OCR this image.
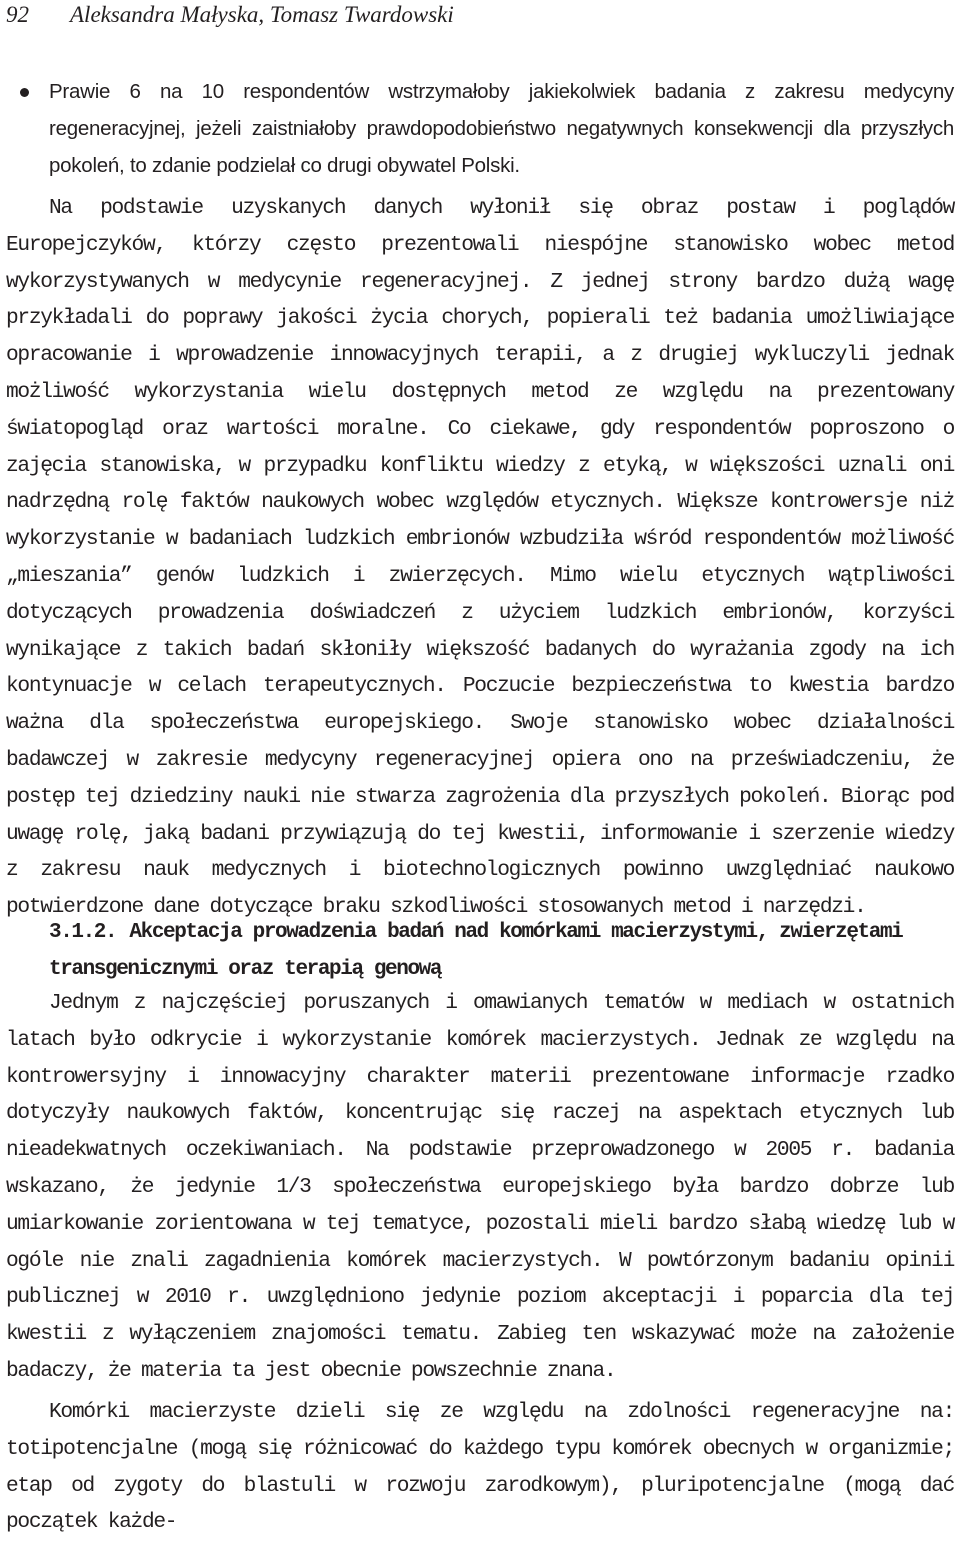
92 Aleksandra Małyska, Tomasz Twardowski
Prawie 6 na 10 respondentów wstrzymałoby jakiekolwiek badania z zakresu medycyny regeneracyjnej, jeżeli zaistniałoby prawdopodobieństwo negatywnych konsekwencji dla przyszłych pokoleń, to zdanie podzielał co drugi obywatel Polski.

Na podstawie uzyskanych danych wyłonił się obraz postaw i poglądów Europejczyków, którzy często prezentowali niespójne stanowisko wobec metod wykorzystywanych w medycynie regeneracyjnej. Z jednej strony bardzo dużą wagę przykładali do poprawy jakości życia chorych, popierali też badania umożliwiające opracowanie i wprowadzenie innowacyjnych terapii, a z drugiej wykluczyli jednak możliwość wykorzystania wielu dostępnych metod ze względu na prezentowany światopogląd oraz wartości moralne. Co ciekawe, gdy respondentów poproszono o zajęcia stanowiska, w przypadku konfliktu wiedzy z etyką, w większości uznali oni nadrzędną rolę faktów naukowych wobec względów etycznych. Większe kontrowersje niż wykorzystanie w badaniach ludzkich embrionów wzbudziła wśród respondentów możliwość „mieszania” genów ludzkich i zwierzęcych. Mimo wielu etycznych wątpliwości dotyczących prowadzenia doświadczeń z użyciem ludzkich embrionów, korzyści wynikające z takich badań skłoniły większość badanych do wyrażania zgody na ich kontynuacje w celach terapeutycznych. Poczucie bezpieczeństwa to kwestia bardzo ważna dla społeczeństwa europejskiego. Swoje stanowisko wobec działalności badawczej w zakresie medycyny regeneracyjnej opiera ono na przeświadczeniu, że postęp tej dziedziny nauki nie stwarza zagrożenia dla przyszłych pokoleń. Biorąc pod uwagę rolę, jaką badani przywiązują do tej kwestii, informowanie i szerzenie wiedzy z zakresu nauk medycznych i biotechnologicznych powinno uwzględniać naukowo potwierdzone dane dotyczące braku szkodliwości stosowanych metod i narzędzi.

3.1.2. Akceptacja prowadzenia badań nad komórkami macierzystymi, zwierzętami transgenicznymi oraz terapią genową

Jednym z najczęściej poruszanych i omawianych tematów w mediach w ostatnich latach było odkrycie i wykorzystanie komórek macierzystych. Jednak ze względu na kontrowersyjny i innowacyjny charakter materii prezentowane informacje rzadko dotyczyły naukowych faktów, koncentrując się raczej na aspektach etycznych lub nieadekwatnych oczekiwaniach. Na podstawie przeprowadzonego w 2005 r. badania wskazano, że jedynie 1/3 społeczeństwa europejskiego była bardzo dobrze lub umiarkowanie zorientowana w tej tematyce, pozostali mieli bardzo słabą wiedzę lub w ogóle nie znali zagadnienia komórek macierzystych. W powtórzonym badaniu opinii publicznej w 2010 r. uwzględniono jedynie poziom akceptacji i poparcia dla tej kwestii z wyłączeniem znajomości tematu. Zabieg ten wskazywać może na założenie badaczy, że materia ta jest obecnie powszechnie znana.

Komórki macierzyste dzieli się ze względu na zdolności regeneracyjne na: totipotencjalne (mogą się różnicować do każdego typu komórek obecnych w organizmie; etap od zygoty do blastuli w rozwoju zarodkowym), pluripotencjalne (mogą dać początek każde-
